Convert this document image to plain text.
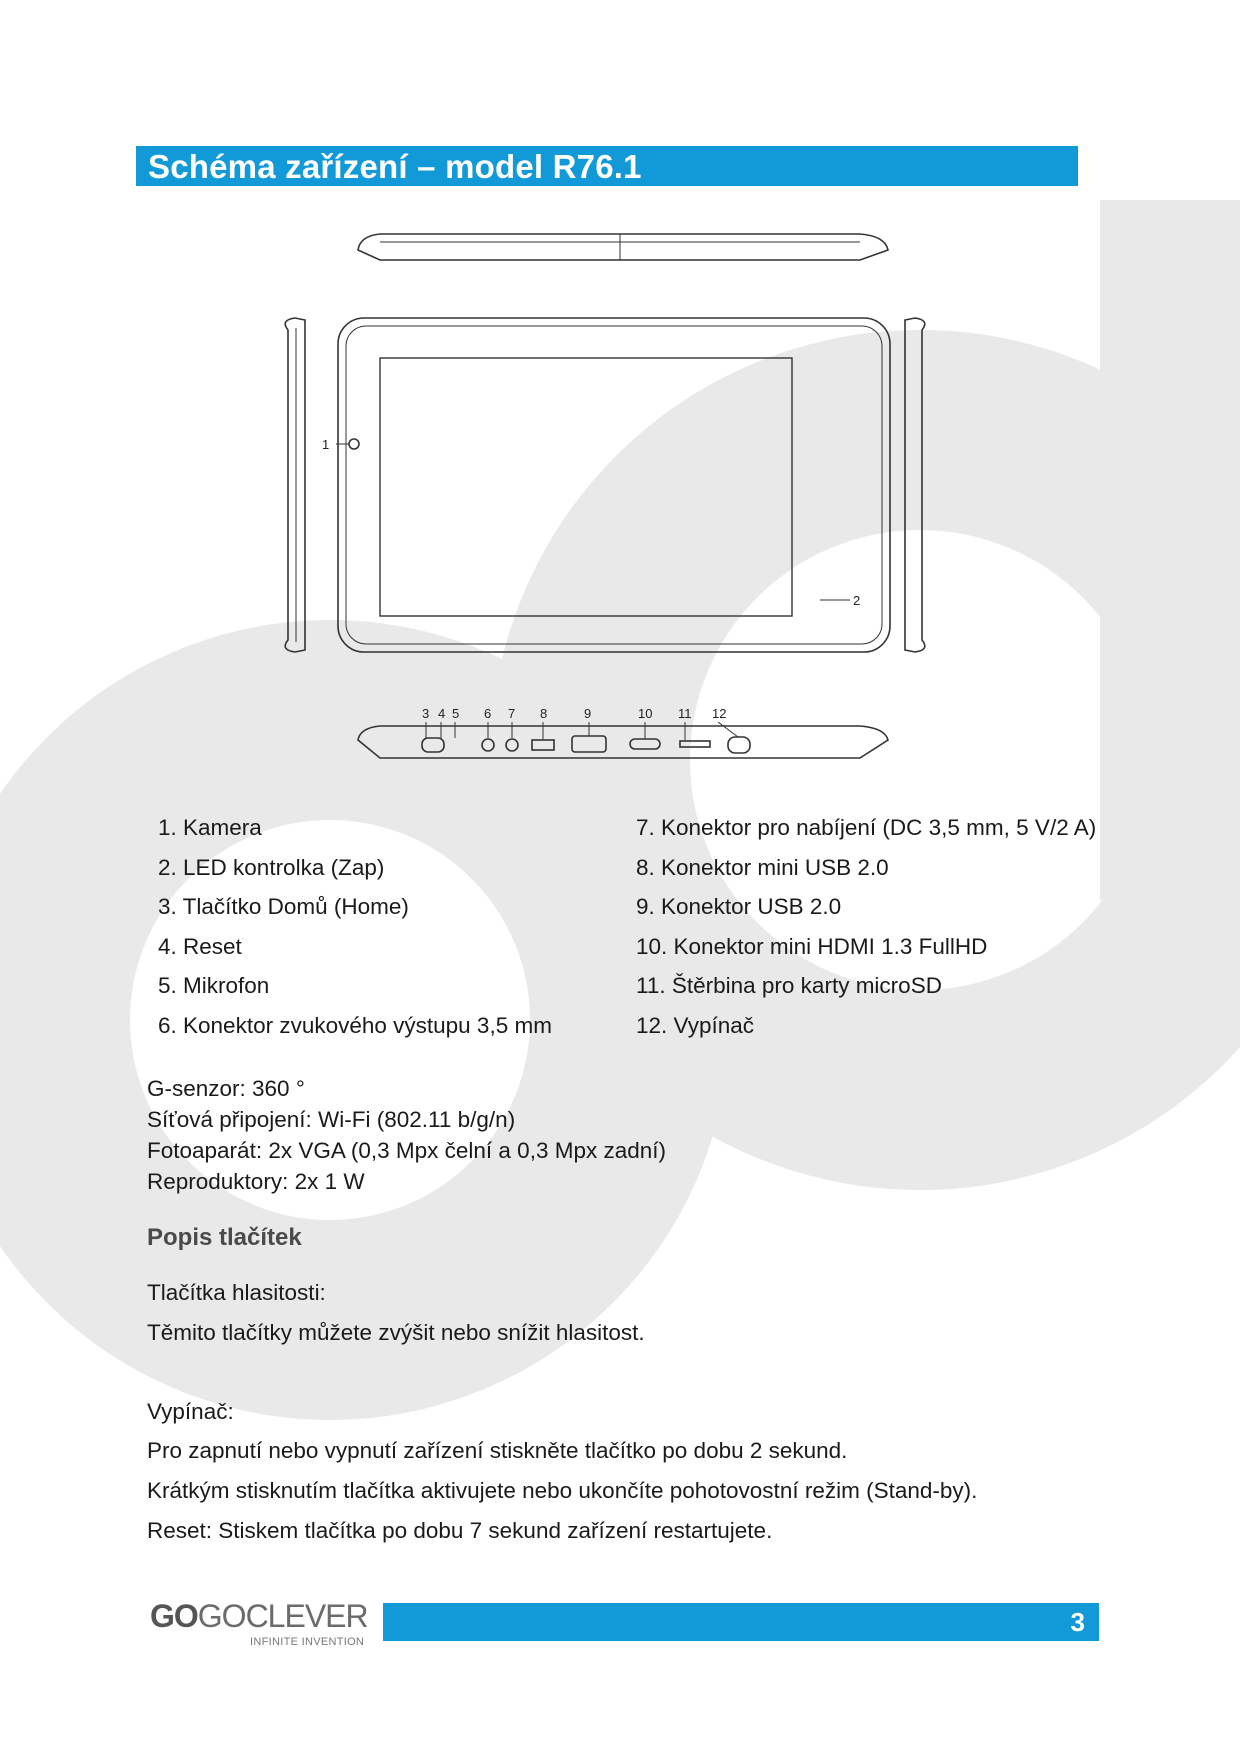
Schéma zařízení – model R76.1
1
2
3 4 5 6 7 8	9	10 11 12
1. Kamera
2. LED kontrolka (Zap)
3. Tlačítko Domů (Home)
4. Reset
5. Mikrofon
6. Konektor zvukového výstupu 3,5 mm
7. Konektor pro nabíjení (DC 3,5 mm, 5 V/2 A)
8. Konektor mini USB 2.0
9. Konektor USB 2.0
10. Konektor mini HDMI 1.3 FullHD
11. Štěrbina pro karty microSD
12. Vypínač
G-senzor: 360 °
Síťová připojení: Wi-Fi (802.11 b/g/n)
Fotoaparát: 2x VGA (0,3 Mpx čelní a 0,3 Mpx zadní)
Reproduktory: 2x 1 W
Popis tlačítek
Tlačítka hlasitosti:
Těmito tlačítky můžete zvýšit nebo snížit hlasitost.
Vypínač:
Pro zapnutí nebo vypnutí zařízení stiskněte tlačítko po dobu 2 sekund.
Krátkým stisknutím tlačítka aktivujete nebo ukončíte pohotovostní režim (Stand-by).
Reset: Stiskem tlačítka po dobu 7 sekund zařízení restartujete.
GOGOCLEVER
INFINITE INVENTION
3
